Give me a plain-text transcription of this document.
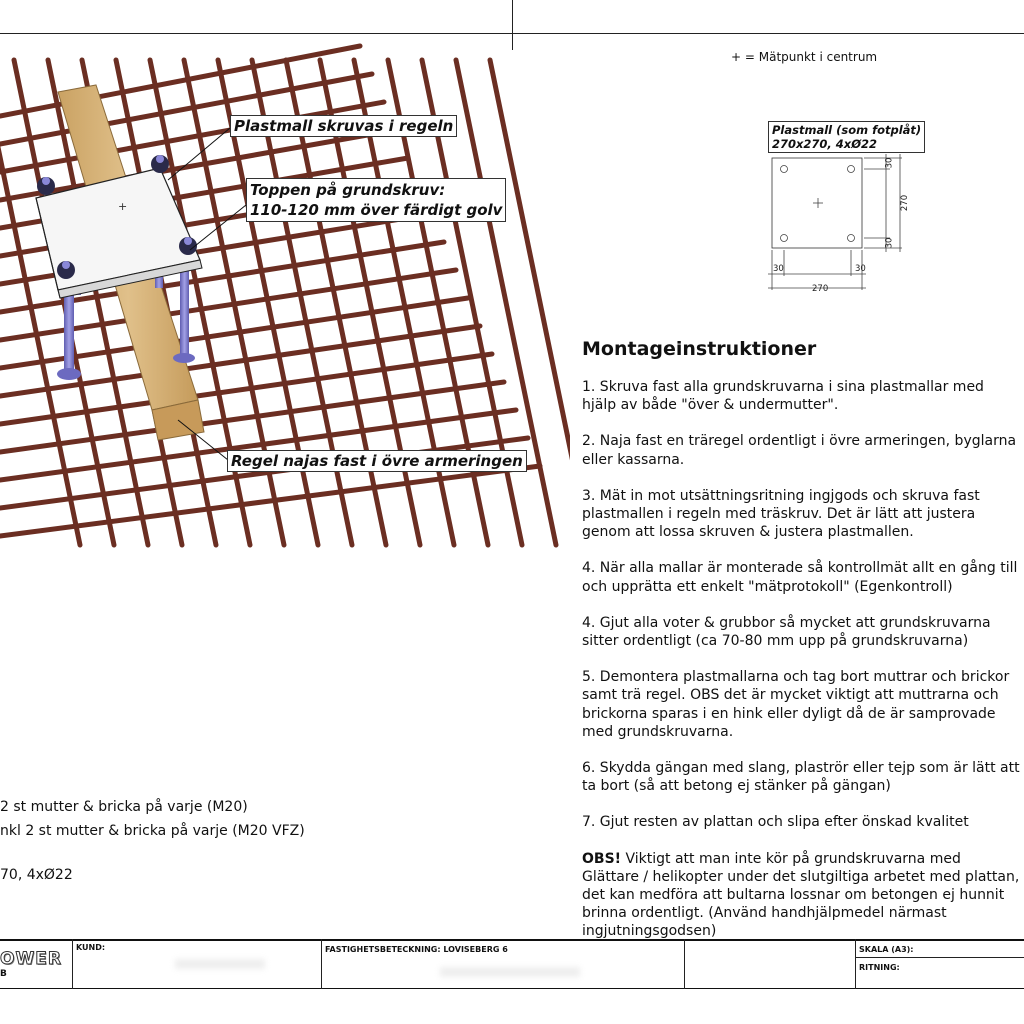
+ = Mätpunkt i centrum
+
Plastmall skruvas i regeln
Toppen på grundskruv:
110-120 mm över färdigt golv
Regel najas fast i övre armeringen
Plastmall (som fotplåt)
270x270, 4xØ22
30
270
30
30	30
270
Montageinstruktioner

1. Skruva fast alla grundskruvarna i sina plastmallar med hjälp av både "över & undermutter".

2. Naja fast en träregel ordentligt i övre armeringen, byglarna eller kassarna.

3. Mät in mot utsättningsritning ingjgods och skruva fast plastmallen i regeln med träskruv. Det är lätt att justera genom att lossa skruven & justera plastmallen.

4. När alla mallar är monterade så kontrollmät allt en gång till och upprätta ett enkelt "mätprotokoll" (Egenkontroll)

4. Gjut alla voter & grubbor så mycket att grundskruvarna sitter ordentligt (ca 70-80 mm upp på grundskruvarna)

5. Demontera plastmallarna och tag bort muttrar och brickor samt trä regel. OBS det är mycket viktigt att muttrarna och brickorna sparas i en hink eller dyligt då de är samprovade med grundskruvarna.

6. Skydda gängan med slang, plaströr eller tejp som är lätt att ta bort (så att betong ej stänker på gängan)

7. Gjut resten av plattan och slipa efter önskad kvalitet

OBS! Viktigt att man inte kör på grundskruvarna med Glättare / helikopter under det slutgiltiga arbetet med plattan, det kan medföra att bultarna lossnar om betongen ej hunnit brinna ordentligt. (Använd handhjälpmedel närmast ingjutningsgodsen)

2 st mutter & bricka på varje (M20)
nkl 2 st mutter & bricka på varje (M20 VFZ)
70, 4xØ22
OWER
B
KUND:	FASTIGHETSBETECKNING: LOVISEBERG 6	SKALA (A3):
RITNING:
